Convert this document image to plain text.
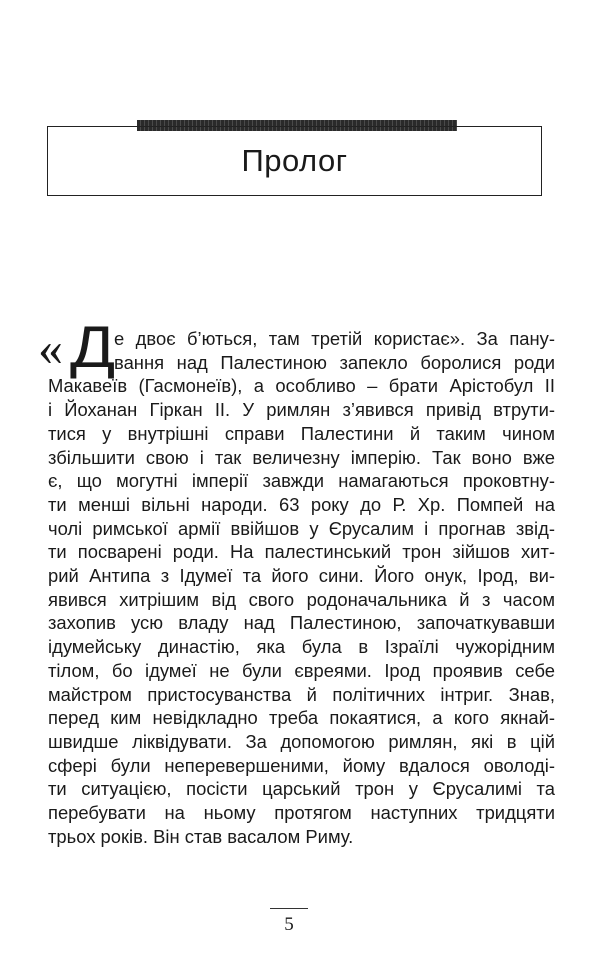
Пролог
« Д
е двоє б’ються, там третій користає». За пану-
вання над Палестиною запекло боролися роди
Макавеїв (Гасмонеїв), а особливо – брати Арістобул ІІ
і Йоханан Гіркан ІІ. У римлян з’явився привід втрути-
тися у внутрішні справи Палестини й таким чином
збільшити свою і так величезну імперію. Так воно вже
є, що могутні імперії завжди намагаються проковтну-
ти менші вільні народи. 63 року до Р. Хр. Помпей на
чолі римської армії ввійшов у Єрусалим і прогнав звід-
ти посварені роди. На палестинський трон зійшов хит-
рий Антипа з Ідумеї та його сини. Його онук, Ірод, ви-
явився хитрішим від свого родоначальника й з часом
захопив усю владу над Палестиною, започаткувавши
ідумейську династію, яка була в Ізраїлі чужорідним
тілом, бо ідумеї не були євреями. Ірод проявив себе
майстром пристосуванства й політичних інтриг. Знав,
перед ким невідкладно треба покаятися, а кого якнай-
швидше ліквідувати. За допомогою римлян, які в цій
сфері були неперевершеними, йому вдалося оволоді-
ти ситуацією, посісти царський трон у Єрусалимі та
перебувати на ньому протягом наступних тридцяти
трьох років. Він став васалом Риму.
5
